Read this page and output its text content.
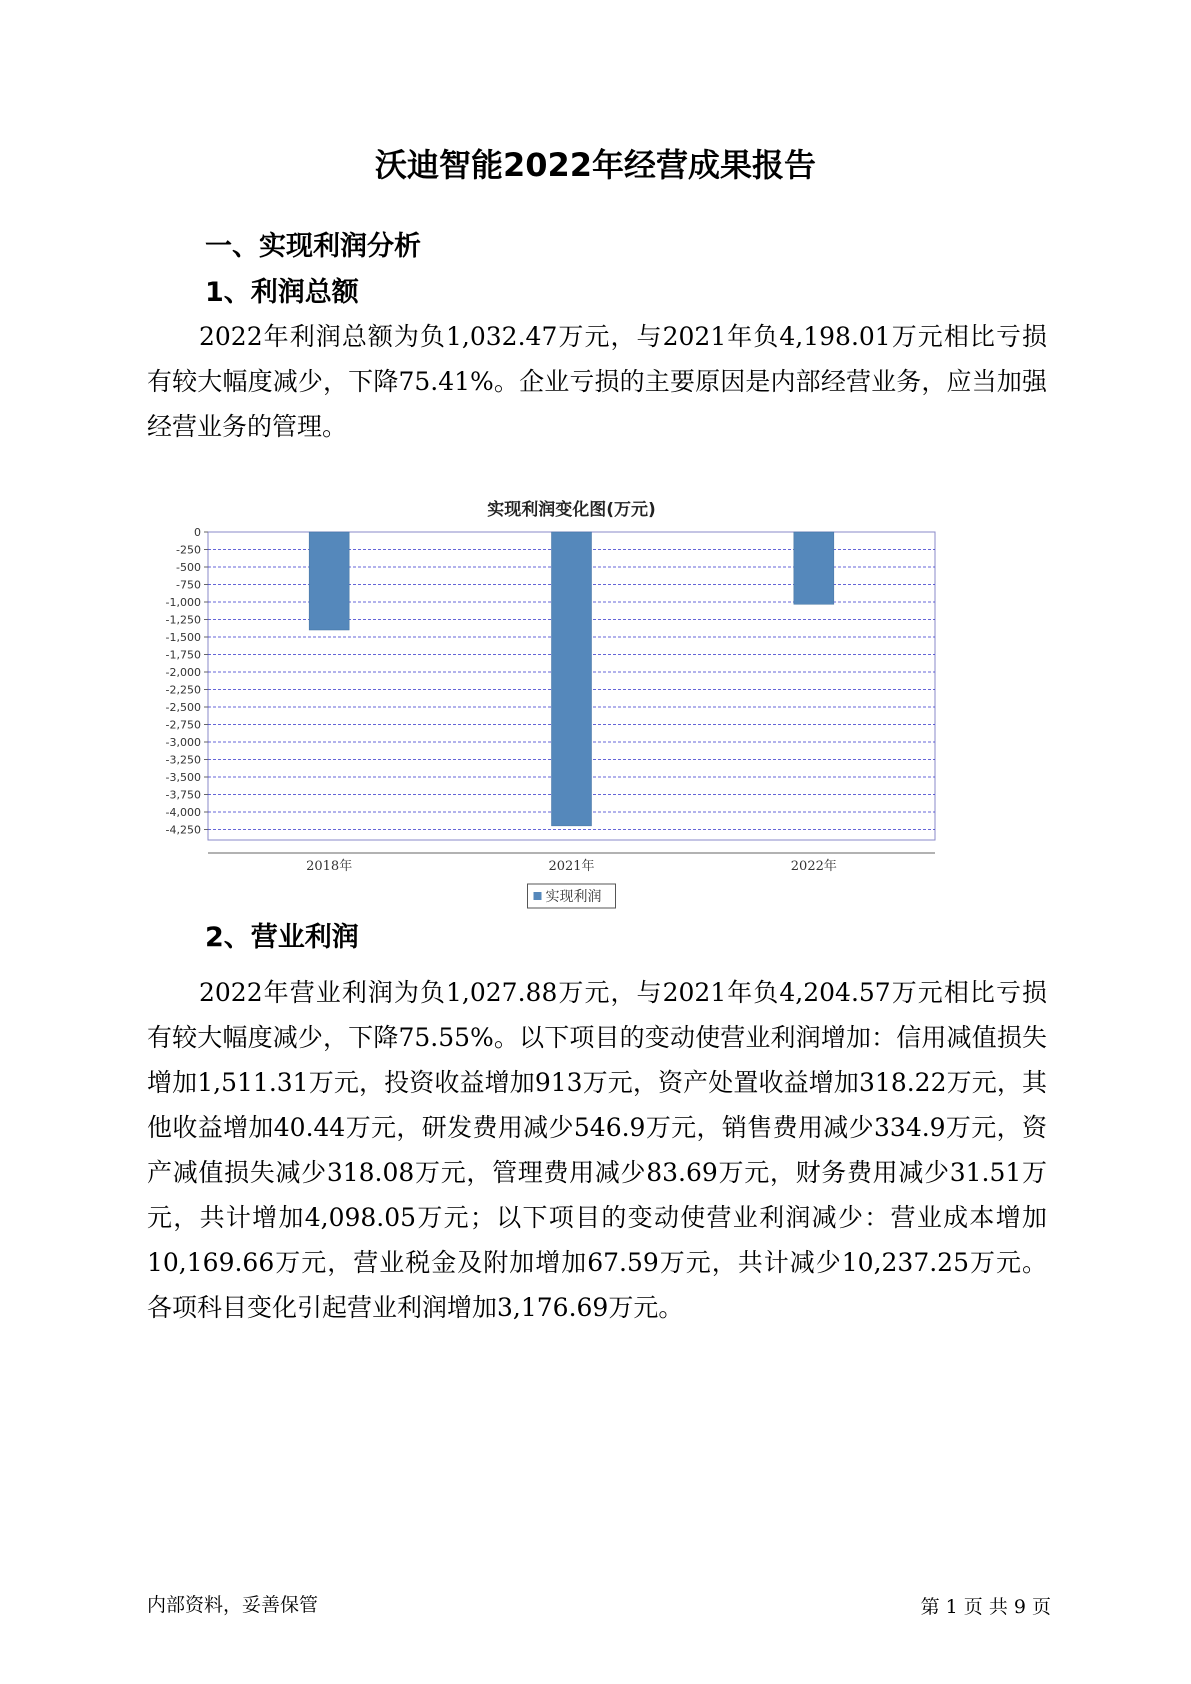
沃迪智能2022年经营成果报告
一、实现利润分析
1、利润总额

2022年利润总额为负1,032.47万元，与2021年负4,198.01万元相比亏损有较大幅度减少，下降75.41%。企业亏损的主要原因是内部经营业务，应当加强经营业务的管理。

实现利润变化图(万元)
0
-250
-500
-750
-1,000
-1,250
-1,500
-1,750
-2,000
-2,250
-2,500
-2,750
-3,000
-3,250
-3,500
-3,750
-4,000
-4,250
2018年	2021年	2022年
实现利润
2、营业利润

2022年营业利润为负1,027.88万元，与2021年负4,204.57万元相比亏损有较大幅度减少，下降75.55%。以下项目的变动使营业利润增加：信用减值损失增加1,511.31万元，投资收益增加913万元，资产处置收益增加318.22万元，其他收益增加40.44万元，研发费用减少546.9万元，销售费用减少334.9万元，资产减值损失减少318.08万元，管理费用减少83.69万元，财务费用减少31.51万元，共计增加4,098.05万元；以下项目的变动使营业利润减少：营业成本增加10,169.66万元，营业税金及附加增加67.59万元，共计减少10,237.25万元。各项科目变化引起营业利润增加3,176.69万元。

内部资料，妥善保管	第 1 页 共 9 页
